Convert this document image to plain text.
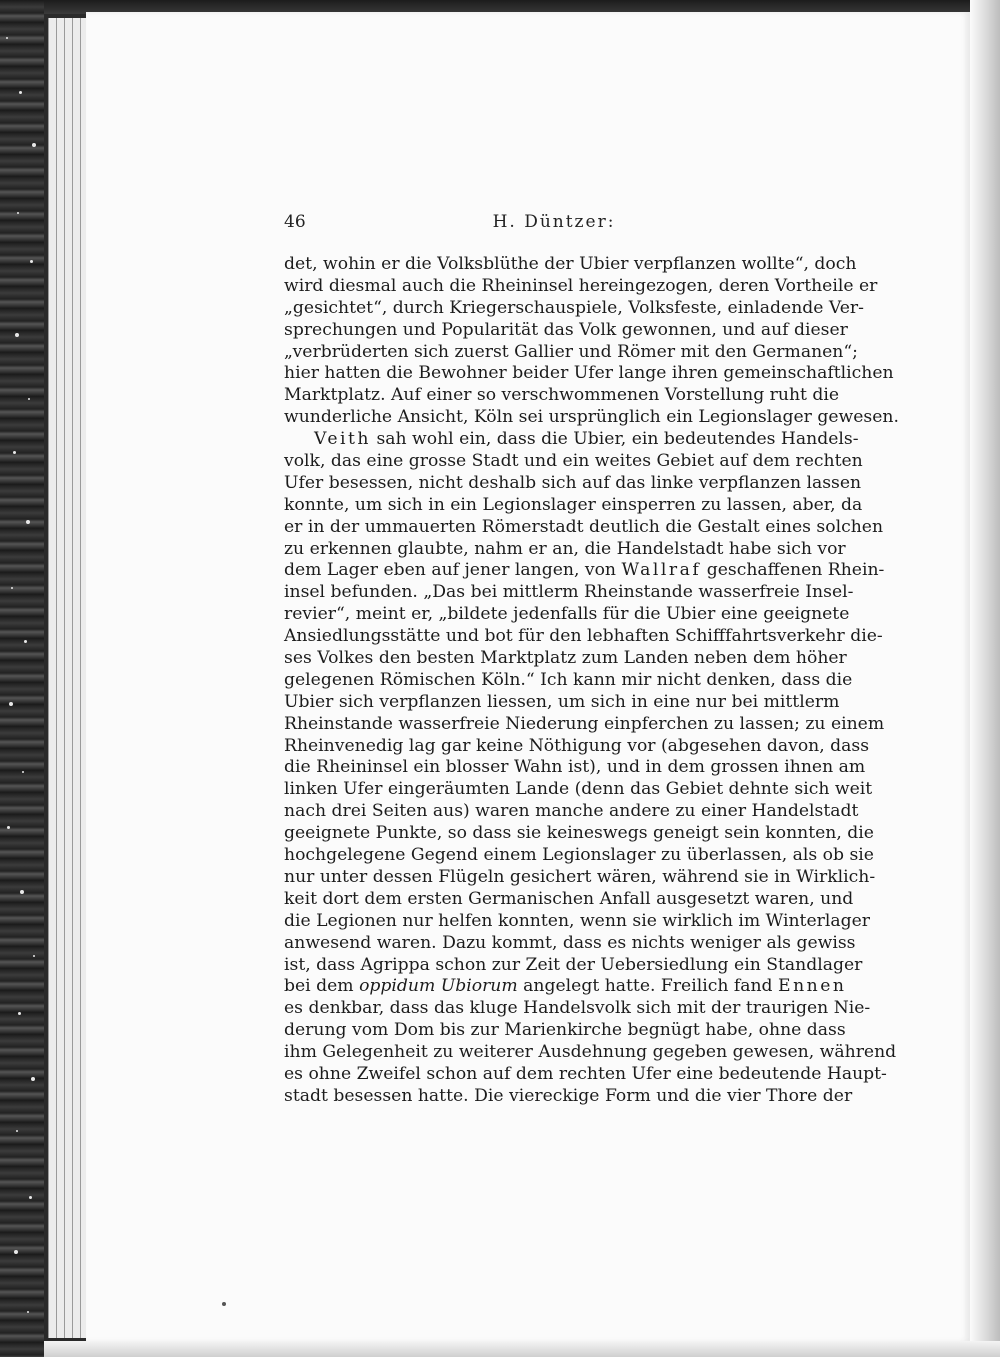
46	H. Düntzer:
det, wohin er die Volksblüthe der Ubier verpflanzen wollte“, doch
wird diesmal auch die Rheininsel hereingezogen, deren Vortheile er
„gesichtet“, durch Kriegerschauspiele, Volksfeste, einladende Ver-
sprechungen und Popularität das Volk gewonnen, und auf dieser
„verbrüderten sich zuerst Gallier und Römer mit den Germanen“;
hier hatten die Bewohner beider Ufer lange ihren gemeinschaftlichen
Marktplatz. Auf einer so verschwommenen Vorstellung ruht die
wunderliche Ansicht, Köln sei ursprünglich ein Legionslager gewesen.
Veith sah wohl ein, dass die Ubier, ein bedeutendes Handels-
volk, das eine grosse Stadt und ein weites Gebiet auf dem rechten
Ufer besessen, nicht deshalb sich auf das linke verpflanzen lassen
konnte, um sich in ein Legionslager einsperren zu lassen, aber, da
er in der ummauerten Römerstadt deutlich die Gestalt eines solchen
zu erkennen glaubte, nahm er an, die Handelstadt habe sich vor
dem Lager eben auf jener langen, von Wallraf geschaffenen Rhein-
insel befunden. „Das bei mittlerm Rheinstande wasserfreie Insel-
revier“, meint er, „bildete jedenfalls für die Ubier eine geeignete
Ansiedlungsstätte und bot für den lebhaften Schifffahrtsverkehr die-
ses Volkes den besten Marktplatz zum Landen neben dem höher
gelegenen Römischen Köln.“ Ich kann mir nicht denken, dass die
Ubier sich verpflanzen liessen, um sich in eine nur bei mittlerm
Rheinstande wasserfreie Niederung einpferchen zu lassen; zu einem
Rheinvenedig lag gar keine Nöthigung vor (abgesehen davon, dass
die Rheininsel ein blosser Wahn ist), und in dem grossen ihnen am
linken Ufer eingeräumten Lande (denn das Gebiet dehnte sich weit
nach drei Seiten aus) waren manche andere zu einer Handelstadt
geeignete Punkte, so dass sie keineswegs geneigt sein konnten, die
hochgelegene Gegend einem Legionslager zu überlassen, als ob sie
nur unter dessen Flügeln gesichert wären, während sie in Wirklich-
keit dort dem ersten Germanischen Anfall ausgesetzt waren, und
die Legionen nur helfen konnten, wenn sie wirklich im Winterlager
anwesend waren. Dazu kommt, dass es nichts weniger als gewiss
ist, dass Agrippa schon zur Zeit der Uebersiedlung ein Standlager
bei dem oppidum Ubiorum angelegt hatte. Freilich fand Ennen
es denkbar, dass das kluge Handelsvolk sich mit der traurigen Nie-
derung vom Dom bis zur Marienkirche begnügt habe, ohne dass
ihm Gelegenheit zu weiterer Ausdehnung gegeben gewesen, während
es ohne Zweifel schon auf dem rechten Ufer eine bedeutende Haupt-
stadt besessen hatte. Die viereckige Form und die vier Thore der
